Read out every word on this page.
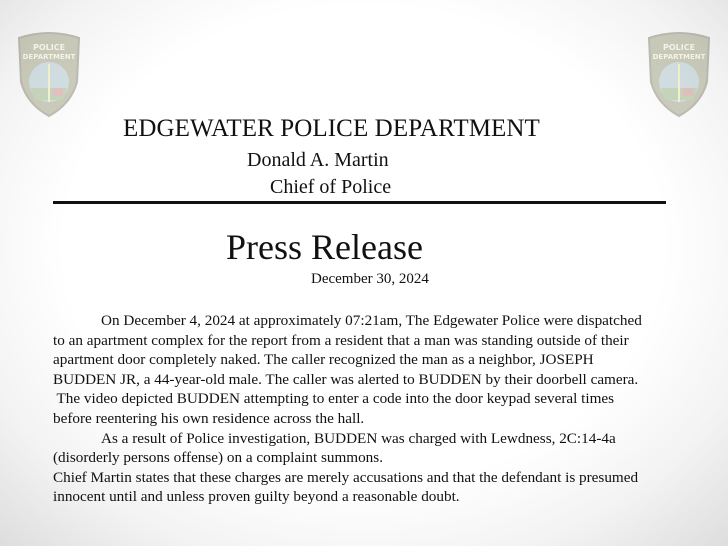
POLICE
DEPARTMENT
POLICE
DEPARTMENT
EDGEWATER POLICE DEPARTMENT
Donald A. Martin
Chief of Police
Press Release
December 30, 2024
On December 4, 2024 at approximately 07:21am, The Edgewater Police were dispatched
to an apartment complex for the report from a resident that a man was standing outside of their
apartment door completely naked. The caller recognized the man as a neighbor, JOSEPH
BUDDEN JR, a 44-year-old male. The caller was alerted to BUDDEN by their doorbell camera.
The video depicted BUDDEN attempting to enter a code into the door keypad several times
before reentering his own residence across the hall.
As a result of Police investigation, BUDDEN was charged with Lewdness, 2C:14-4a
(disorderly persons offense) on a complaint summons.
Chief Martin states that these charges are merely accusations and that the defendant is presumed
innocent until and unless proven guilty beyond a reasonable doubt.
